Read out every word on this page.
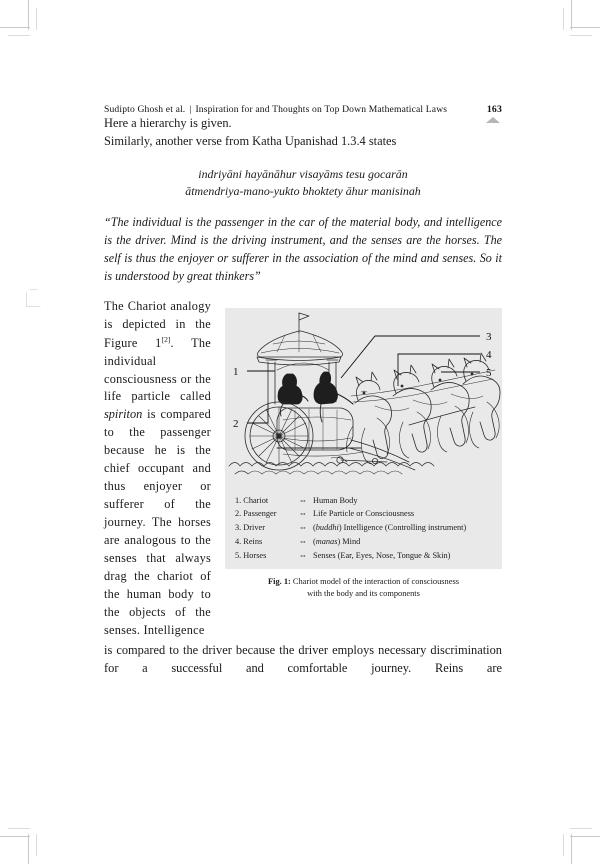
Sudipto Ghosh et al. | Inspiration for and Thoughts on Top Down Mathematical Laws	163

Here a hierarchy is given.

Similarly, another verse from Katha Upanishad 1.3.4 states

indriyāni hayānāhur visayāms tesu gocarān
ātmendriya-mano-yukto bhoktety āhur manisinah

“The individual is the passenger in the car of the material body, and intelligence is the driver. Mind is the driving instrument, and the senses are the horses. The self is thus the enjoyer or sufferer in the association of the mind and senses. So it is understood by great thinkers”

1
2
3
4
5
1. Chariot	⇔ Human Body
2. Passenger	⇔ Life Particle or Consciousness
3. Driver	⇔ (buddhi) Intelligence (Controlling instrument)
4. Reins	⇔ (manas) Mind
5. Horses	⇔ Senses (Ear, Eyes, Nose, Tongue & Skin)
Fig. 1: Chariot model of the interaction of consciousness
with the body and its components

The Chariot analogy is depicted in the Figure 1[2]. The individual consciousness or the life particle called spiriton is compared to the passenger because he is the chief occupant and thus enjoyer or sufferer of the journey. The horses are analogous to the senses that always drag the chariot of the human body to the objects of the senses. Intelligence

is compared to the driver because the driver employs necessary discrimination for a successful and comfortable journey. Reins are
